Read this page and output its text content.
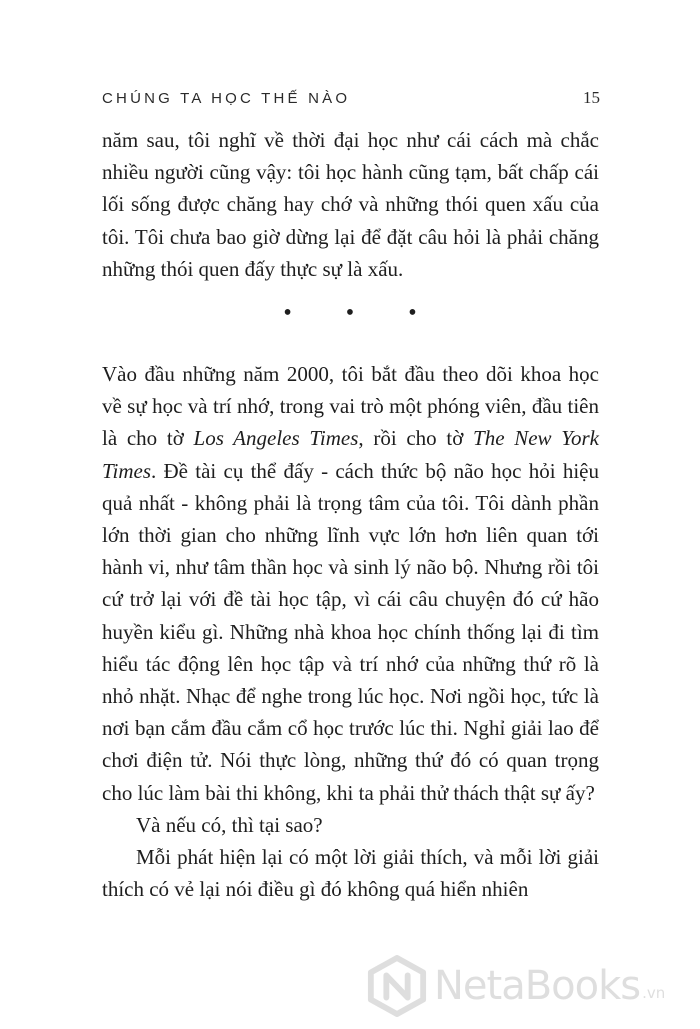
CHÚNG TA HỌC THẾ NÀO	15

năm sau, tôi nghĩ về thời đại học như cái cách mà chắc nhiều người cũng vậy: tôi học hành cũng tạm, bất chấp cái lối sống được chăng hay chớ và những thói quen xấu của tôi. Tôi chưa bao giờ dừng lại để đặt câu hỏi là phải chăng những thói quen đấy thực sự là xấu.

• • •

Vào đầu những năm 2000, tôi bắt đầu theo dõi khoa học về sự học và trí nhớ, trong vai trò một phóng viên, đầu tiên là cho tờ Los Angeles Times, rồi cho tờ The New York Times. Đề tài cụ thể đấy - cách thức bộ não học hỏi hiệu quả nhất - không phải là trọng tâm của tôi. Tôi dành phần lớn thời gian cho những lĩnh vực lớn hơn liên quan tới hành vi, như tâm thần học và sinh lý não bộ. Nhưng rồi tôi cứ trở lại với đề tài học tập, vì cái câu chuyện đó cứ hão huyền kiểu gì. Những nhà khoa học chính thống lại đi tìm hiểu tác động lên học tập và trí nhớ của những thứ rõ là nhỏ nhặt. Nhạc để nghe trong lúc học. Nơi ngồi học, tức là nơi bạn cắm đầu cắm cổ học trước lúc thi. Nghỉ giải lao để chơi điện tử. Nói thực lòng, những thứ đó có quan trọng cho lúc làm bài thi không, khi ta phải thử thách thật sự ấy?

Và nếu có, thì tại sao?

Mỗi phát hiện lại có một lời giải thích, và mỗi lời giải thích có vẻ lại nói điều gì đó không quá hiển nhiên

NetaBooks .vn
